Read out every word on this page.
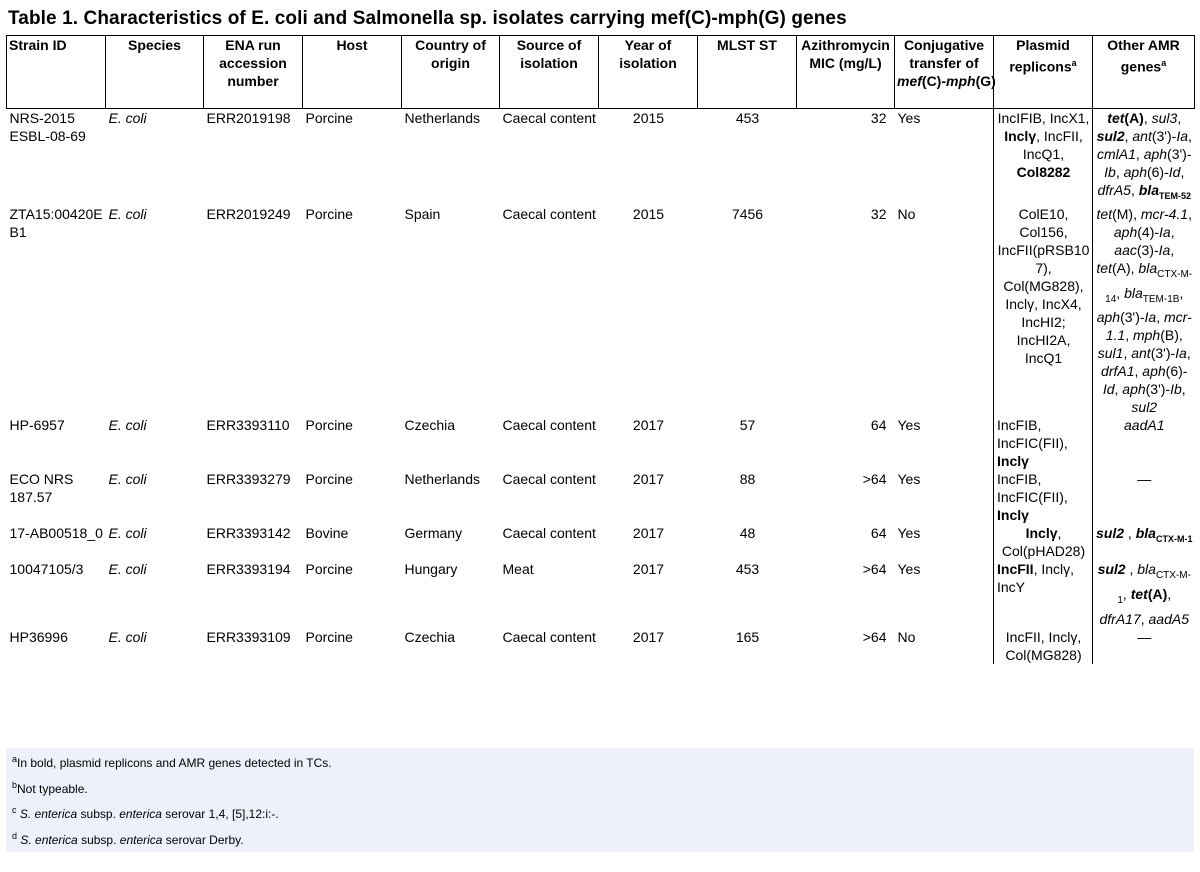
Table 1. Characteristics of E. coli and Salmonella sp. isolates carrying mef(C)-mph(G) genes
Strain ID	Species	ENA run accession number	Host	Country of origin	Source of isolation	Year of isolation	MLST ST	Azithromycin MIC (mg/L)	Conjugative transfer of
mef(C)-mph(G)	Plasmid replicons$^a$	Other AMR genes$^a$
NRS-2015 ESBL-08-69	E. coli	ERR2019198	Porcine	Netherlands	Caecal content	2015	453	32	Yes	IncIFIB, IncX1, Inclγ, IncFII, IncQ1, Col8282	tet(A), sul3, sul2, ant(3')-Ia, cmlA1, aph(3')-Ib, aph(6)-Id, dfrA5, bla$_{TEM-52}$
ZTA15:00420EB1	E. coli	ERR2019249	Porcine	Spain	Caecal content	2015	7456	32	No	ColE10, Col156, IncFII(pRSB107), Col(MG828), Inclγ, IncX4, IncHI2; IncHI2A, IncQ1	tet(M), mcr-4.1, aph(4)-Ia, aac(3)-Ia, tet(A), bla$_{CTX-M-14}$, bla$_{TEM-1B}$, aph(3')-Ia, mcr-1.1, mph(B), sul1, ant(3')-Ia, drfA1, aph(6)-Id, aph(3')-Ib, sul2
HP-6957	E. coli	ERR3393110	Porcine	Czechia	Caecal content	2017	57	64	Yes	IncFIB, IncFIC(FII), Inclγ	aadA1
ECO NRS 187.57	E. coli	ERR3393279	Porcine	Netherlands	Caecal content	2017	88	>64	Yes	IncFIB, IncFIC(FII), Inclγ	—
17-AB00518_0	E. coli	ERR3393142	Bovine	Germany	Caecal content	2017	48	64	Yes	Inclγ, Col(pHAD28)	sul2 , bla$_{CTX-M-1}$
10047105/3	E. coli	ERR3393194	Porcine	Hungary	Meat	2017	453	>64	Yes	IncFII, Inclγ, IncY	sul2 , bla$_{CTX-M-1}$, tet(A), dfrA17, aadA5
HP36996	E. coli	ERR3393109	Porcine	Czechia	Caecal content	2017	165	>64	No	IncFII, Inclγ, Col(MG828)	—
$^a$In bold, plasmid replicons and AMR genes detected in TCs.
$^b$Not typeable.
$^c$ S. enterica subsp. enterica serovar 1,4, [5],12:i:-.
$^d$ S. enterica subsp. enterica serovar Derby.
